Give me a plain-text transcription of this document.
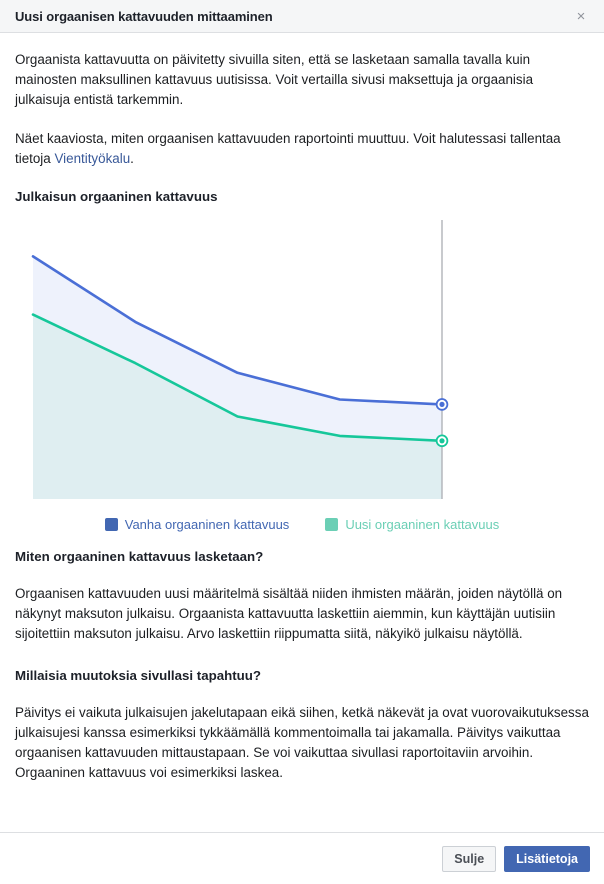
Uusi orgaanisen kattavuuden mittaaminen	×

Orgaanista kattavuutta on päivitetty sivuilla siten, että se lasketaan samalla tavalla kuin mainosten maksullinen kattavuus uutisissa. Voit vertailla sivusi maksettuja ja orgaanisia julkaisuja entistä tarkemmin.

Näet kaaviosta, miten orgaanisen kattavuuden raportointi muuttuu. Voit halutessasi tallentaa tietoja Vientityökalu.

Julkaisun orgaaninen kattavuus
Vanha orgaaninen kattavuus	Uusi orgaaninen kattavuus
Miten orgaaninen kattavuus lasketaan?

Orgaanisen kattavuuden uusi määritelmä sisältää niiden ihmisten määrän, joiden näytöllä on näkynyt maksuton julkaisu. Orgaanista kattavuutta laskettiin aiemmin, kun käyttäjän uutisiin sijoitettiin maksuton julkaisu. Arvo laskettiin riippumatta siitä, näkyikö julkaisu näytöllä.

Millaisia muutoksia sivullasi tapahtuu?

Päivitys ei vaikuta julkaisujen jakelutapaan eikä siihen, ketkä näkevät ja ovat vuorovaikutuksessa julkaisujesi kanssa esimerkiksi tykkäämällä kommentoimalla tai jakamalla. Päivitys vaikuttaa orgaanisen kattavuuden mittaustapaan. Se voi vaikuttaa sivullasi raportoitaviin arvoihin. Orgaaninen kattavuus voi esimerkiksi laskea.

Sulje	Lisätietoja
